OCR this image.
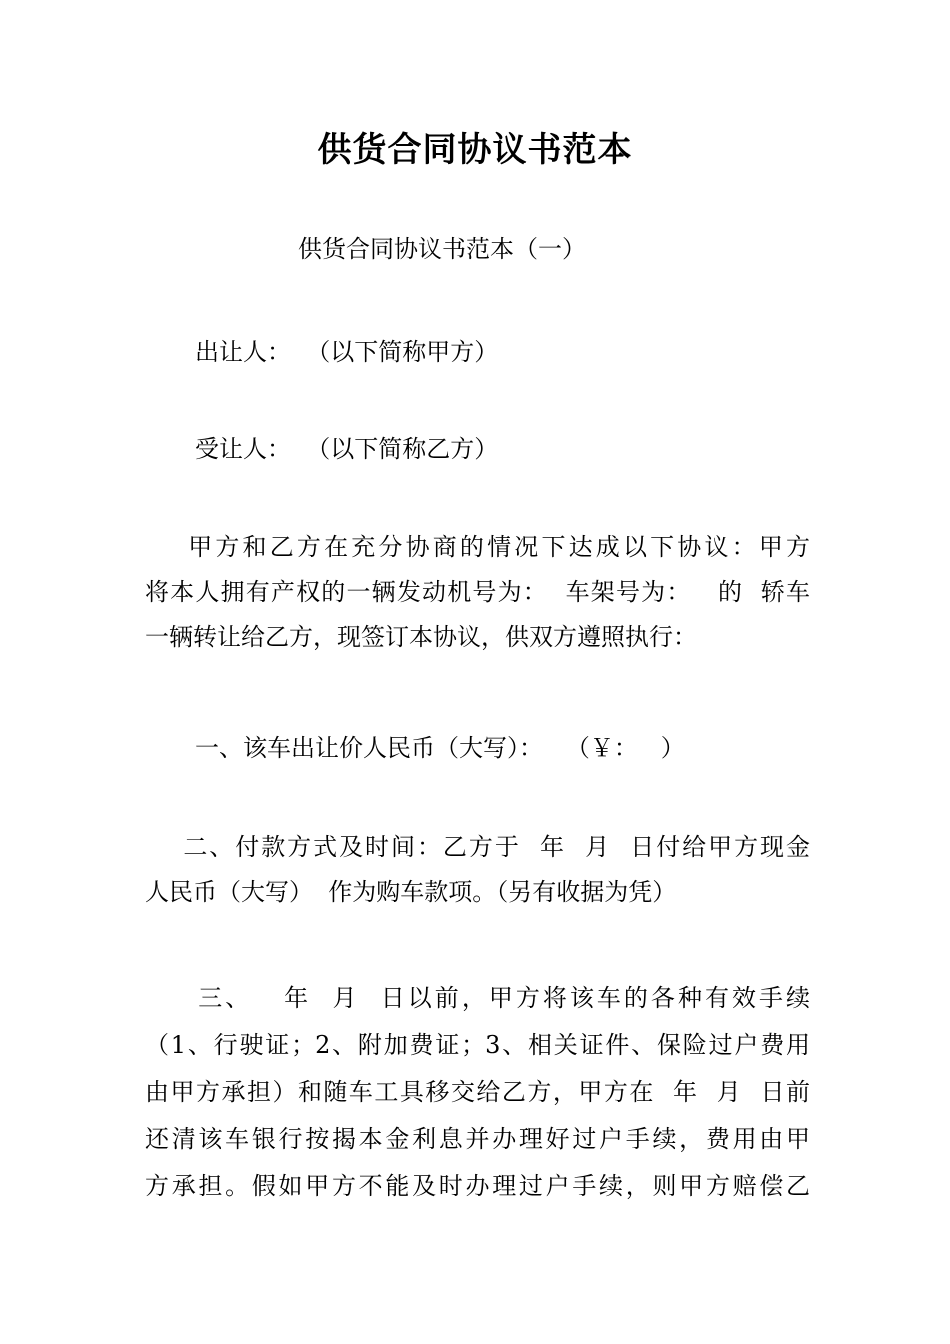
供货合同协议书范本

供货合同协议书范本（一）

出让人：  （以下简称甲方）

受让人：  （以下简称乙方）

甲方和乙方在充分协商的情况下达成以下协议：甲方
将本人拥有产权的一辆发动机号为：  车架号为：   的  轿车
一辆转让给乙方，现签订本协议，供双方遵照执行：

一、该车出让价人民币（大写）：   （￥：   ）

二、付款方式及时间：乙方于  年  月  日付给甲方现金
人民币（大写）  作为购车款项。（另有收据为凭）
三、   年  月  日以前，甲方将该车的各种有效手续
（1、行驶证；2、附加费证；3、相关证件、保险过户费用
由甲方承担）和随车工具移交给乙方，甲方在  年  月  日前
还清该车银行按揭本金利息并办理好过户手续，费用由甲
方承担。假如甲方不能及时办理过户手续，则甲方赔偿乙
